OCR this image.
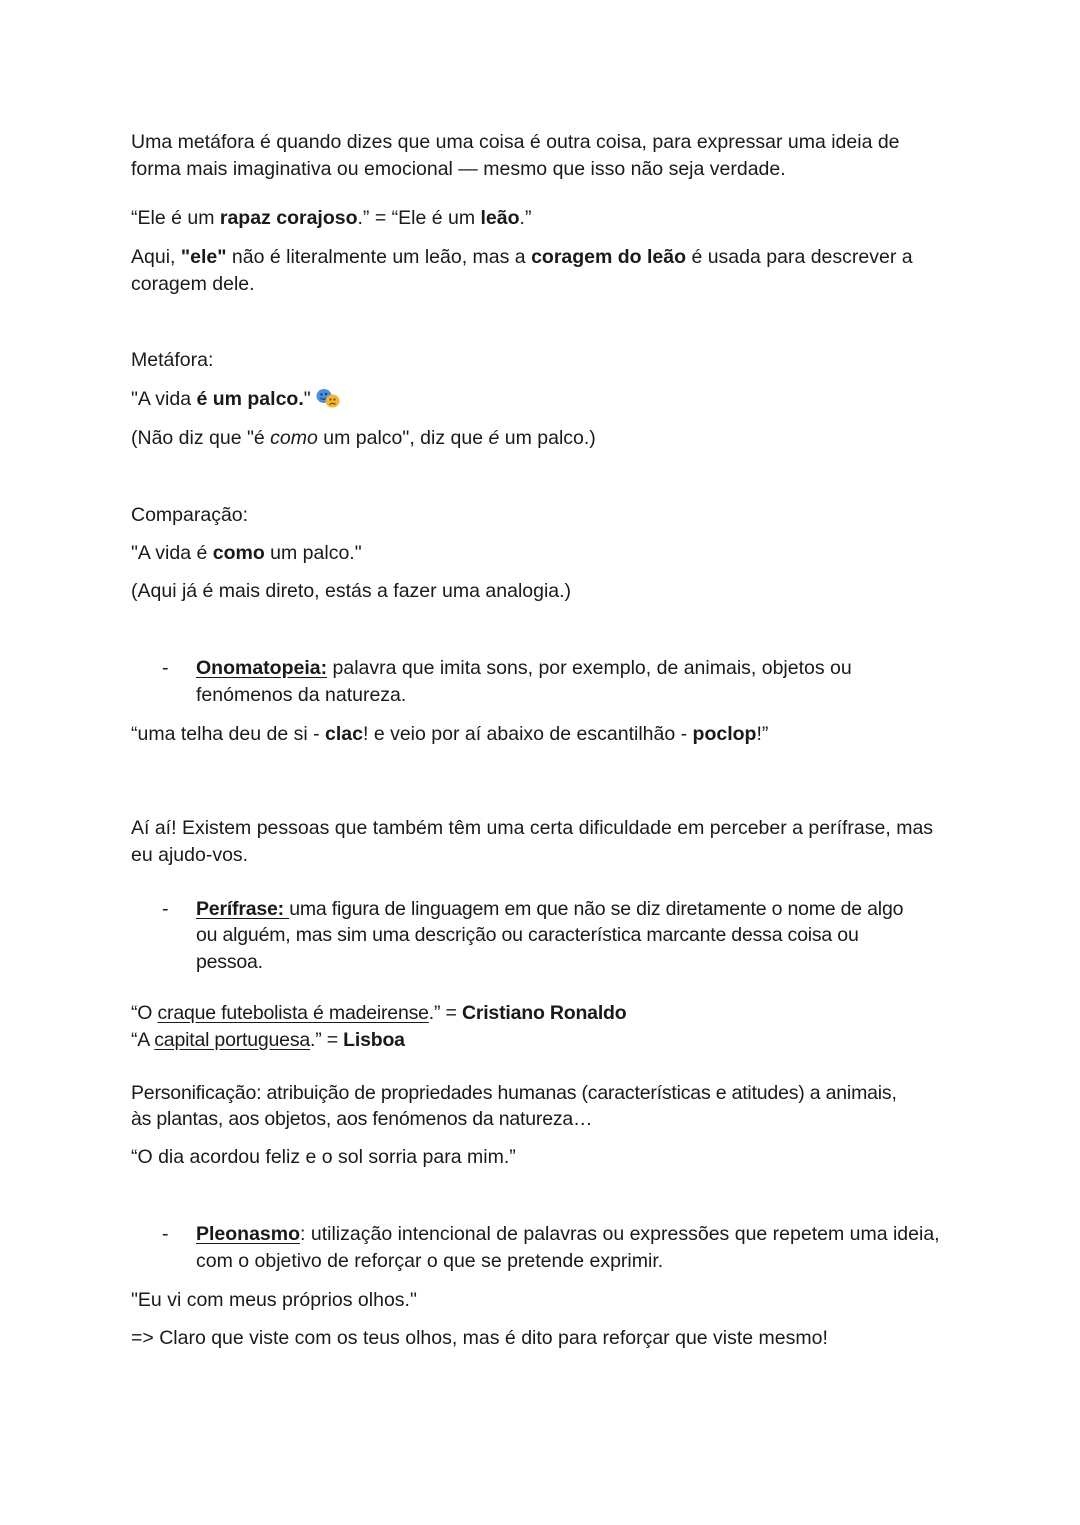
Uma metáfora é quando dizes que uma coisa é outra coisa, para expressar uma ideia de
forma mais imaginativa ou emocional — mesmo que isso não seja verdade.
“Ele é um rapaz corajoso.” = “Ele é um leão.”
Aqui, "ele" não é literalmente um leão, mas a coragem do leão é usada para descrever a
coragem dele.
Metáfora:
"A vida é um palco."
(Não diz que "é como um palco", diz que é um palco.)
Comparação:
"A vida é como um palco."
(Aqui já é mais direto, estás a fazer uma analogia.)
- Onomatopeia: palavra que imita sons, por exemplo, de animais, objetos ou
fenómenos da natureza.
“uma telha deu de si - clac! e veio por aí abaixo de escantilhão - poclop!”
Aí aí! Existem pessoas que também têm uma certa dificuldade em perceber a perífrase, mas
eu ajudo-vos.
- Perífrase: uma figura de linguagem em que não se diz diretamente o nome de algo
ou alguém, mas sim uma descrição ou característica marcante dessa coisa ou
pessoa.
“O craque futebolista é madeirense.” = Cristiano Ronaldo
“A capital portuguesa.” = Lisboa
Personificação: atribuição de propriedades humanas (características e atitudes) a animais,
às plantas, aos objetos, aos fenómenos da natureza…
“O dia acordou feliz e o sol sorria para mim.”
- Pleonasmo: utilização intencional de palavras ou expressões que repetem uma ideia,
com o objetivo de reforçar o que se pretende exprimir.
"Eu vi com meus próprios olhos."
=> Claro que viste com os teus olhos, mas é dito para reforçar que viste mesmo!
